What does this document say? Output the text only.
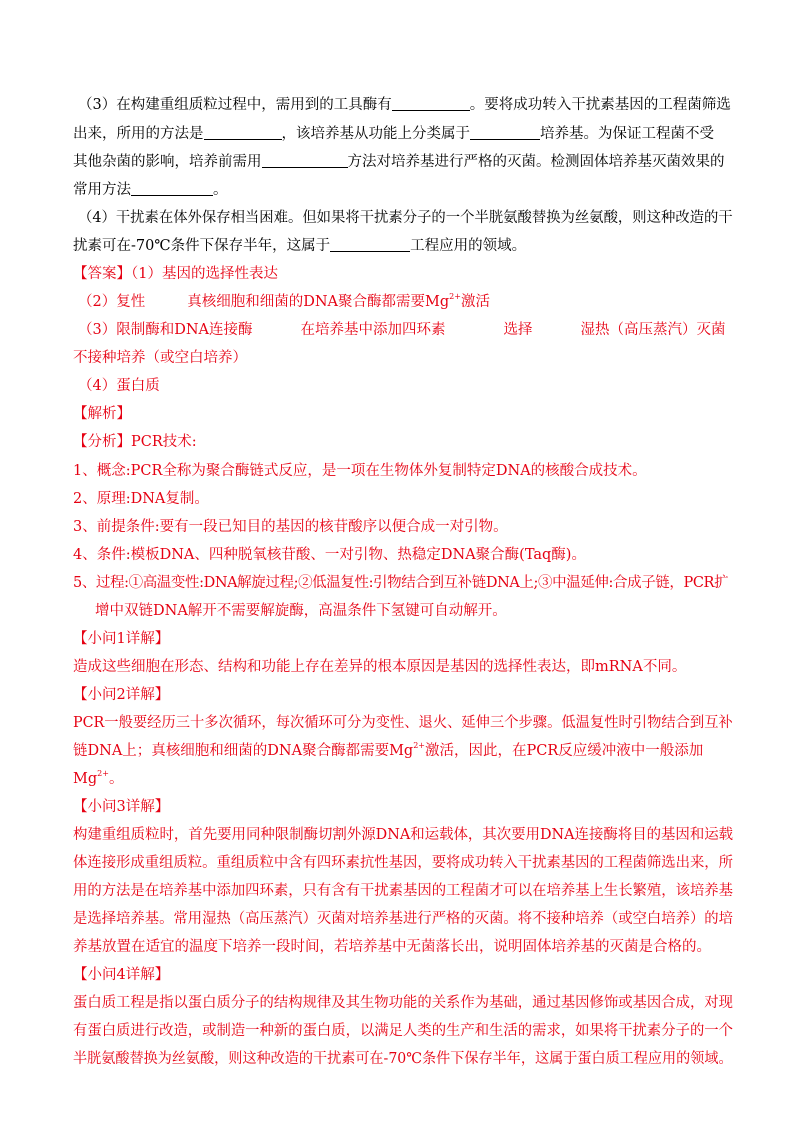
（3）在构建重组质粒过程中，需用到的工具酶有	。要将成功转入干扰素基因的工程菌筛选
出来，所用的方法是	，该培养基从功能上分类属于	培养基。为保证工程菌不受
其他杂菌的影响，培养前需用	方法对培养基进行严格的灭菌。检测固体培养基灭菌效果的
常用方法	。
（4）干扰素在体外保存相当困难。但如果将干扰素分子的一个半胱氨酸替换为丝氨酸，则这种改造的干
扰素可在-70℃条件下保存半年，这属于	工程应用的领域。
【答案】（1）基因的选择性表达
（2）复性	真核细胞和细菌的DNA聚合酶都需要$Mg^{2+}$激活
（3）限制酶和DNA连接酶	在培养基中添加四环素	选择	湿热（高压蒸汽）灭菌
不接种培养（或空白培养）
（4）蛋白质
【解析】
【分析】PCR技术:
1、概念:PCR全称为聚合酶链式反应，是一项在生物体外复制特定DNA的核酸合成技术。
2、原理:DNA复制。
3、前提条件:要有一段已知目的基因的核苷酸序以便合成一对引物。
4、条件:模板DNA、四种脱氧核苷酸、一对引物、热稳定DNA聚合酶(Taq酶)。
5、过程:①高温变性:DNA解旋过程;②低温复性:引物结合到互补链DNA上;③中温延伸:合成子链，PCR扩
增中双链DNA解开不需要解旋酶，高温条件下氢键可自动解开。
【小问1详解】
造成这些细胞在形态、结构和功能上存在差异的根本原因是基因的选择性表达，即mRNA不同。
【小问2详解】
PCR一般要经历三十多次循环，每次循环可分为变性、退火、延伸三个步骤。低温复性时引物结合到互补
链DNA上；真核细胞和细菌的DNA聚合酶都需要$Mg^{2+}$激活，因此，在PCR反应缓冲液中一般添加
$Mg^{2+}$。
【小问3详解】
构建重组质粒时，首先要用同种限制酶切割外源DNA和运载体，其次要用DNA连接酶将目的基因和运载
体连接形成重组质粒。重组质粒中含有四环素抗性基因，要将成功转入干扰素基因的工程菌筛选出来，所
用的方法是在培养基中添加四环素，只有含有干扰素基因的工程菌才可以在培养基上生长繁殖，该培养基
是选择培养基。常用湿热（高压蒸汽）灭菌对培养基进行严格的灭菌。将不接种培养（或空白培养）的培
养基放置在适宜的温度下培养一段时间，若培养基中无菌落长出，说明固体培养基的灭菌是合格的。
【小问4详解】
蛋白质工程是指以蛋白质分子的结构规律及其生物功能的关系作为基础，通过基因修饰或基因合成，对现
有蛋白质进行改造，或制造一种新的蛋白质，以满足人类的生产和生活的需求，如果将干扰素分子的一个
半胱氨酸替换为丝氨酸，则这种改造的干扰素可在-70℃条件下保存半年，这属于蛋白质工程应用的领域。
